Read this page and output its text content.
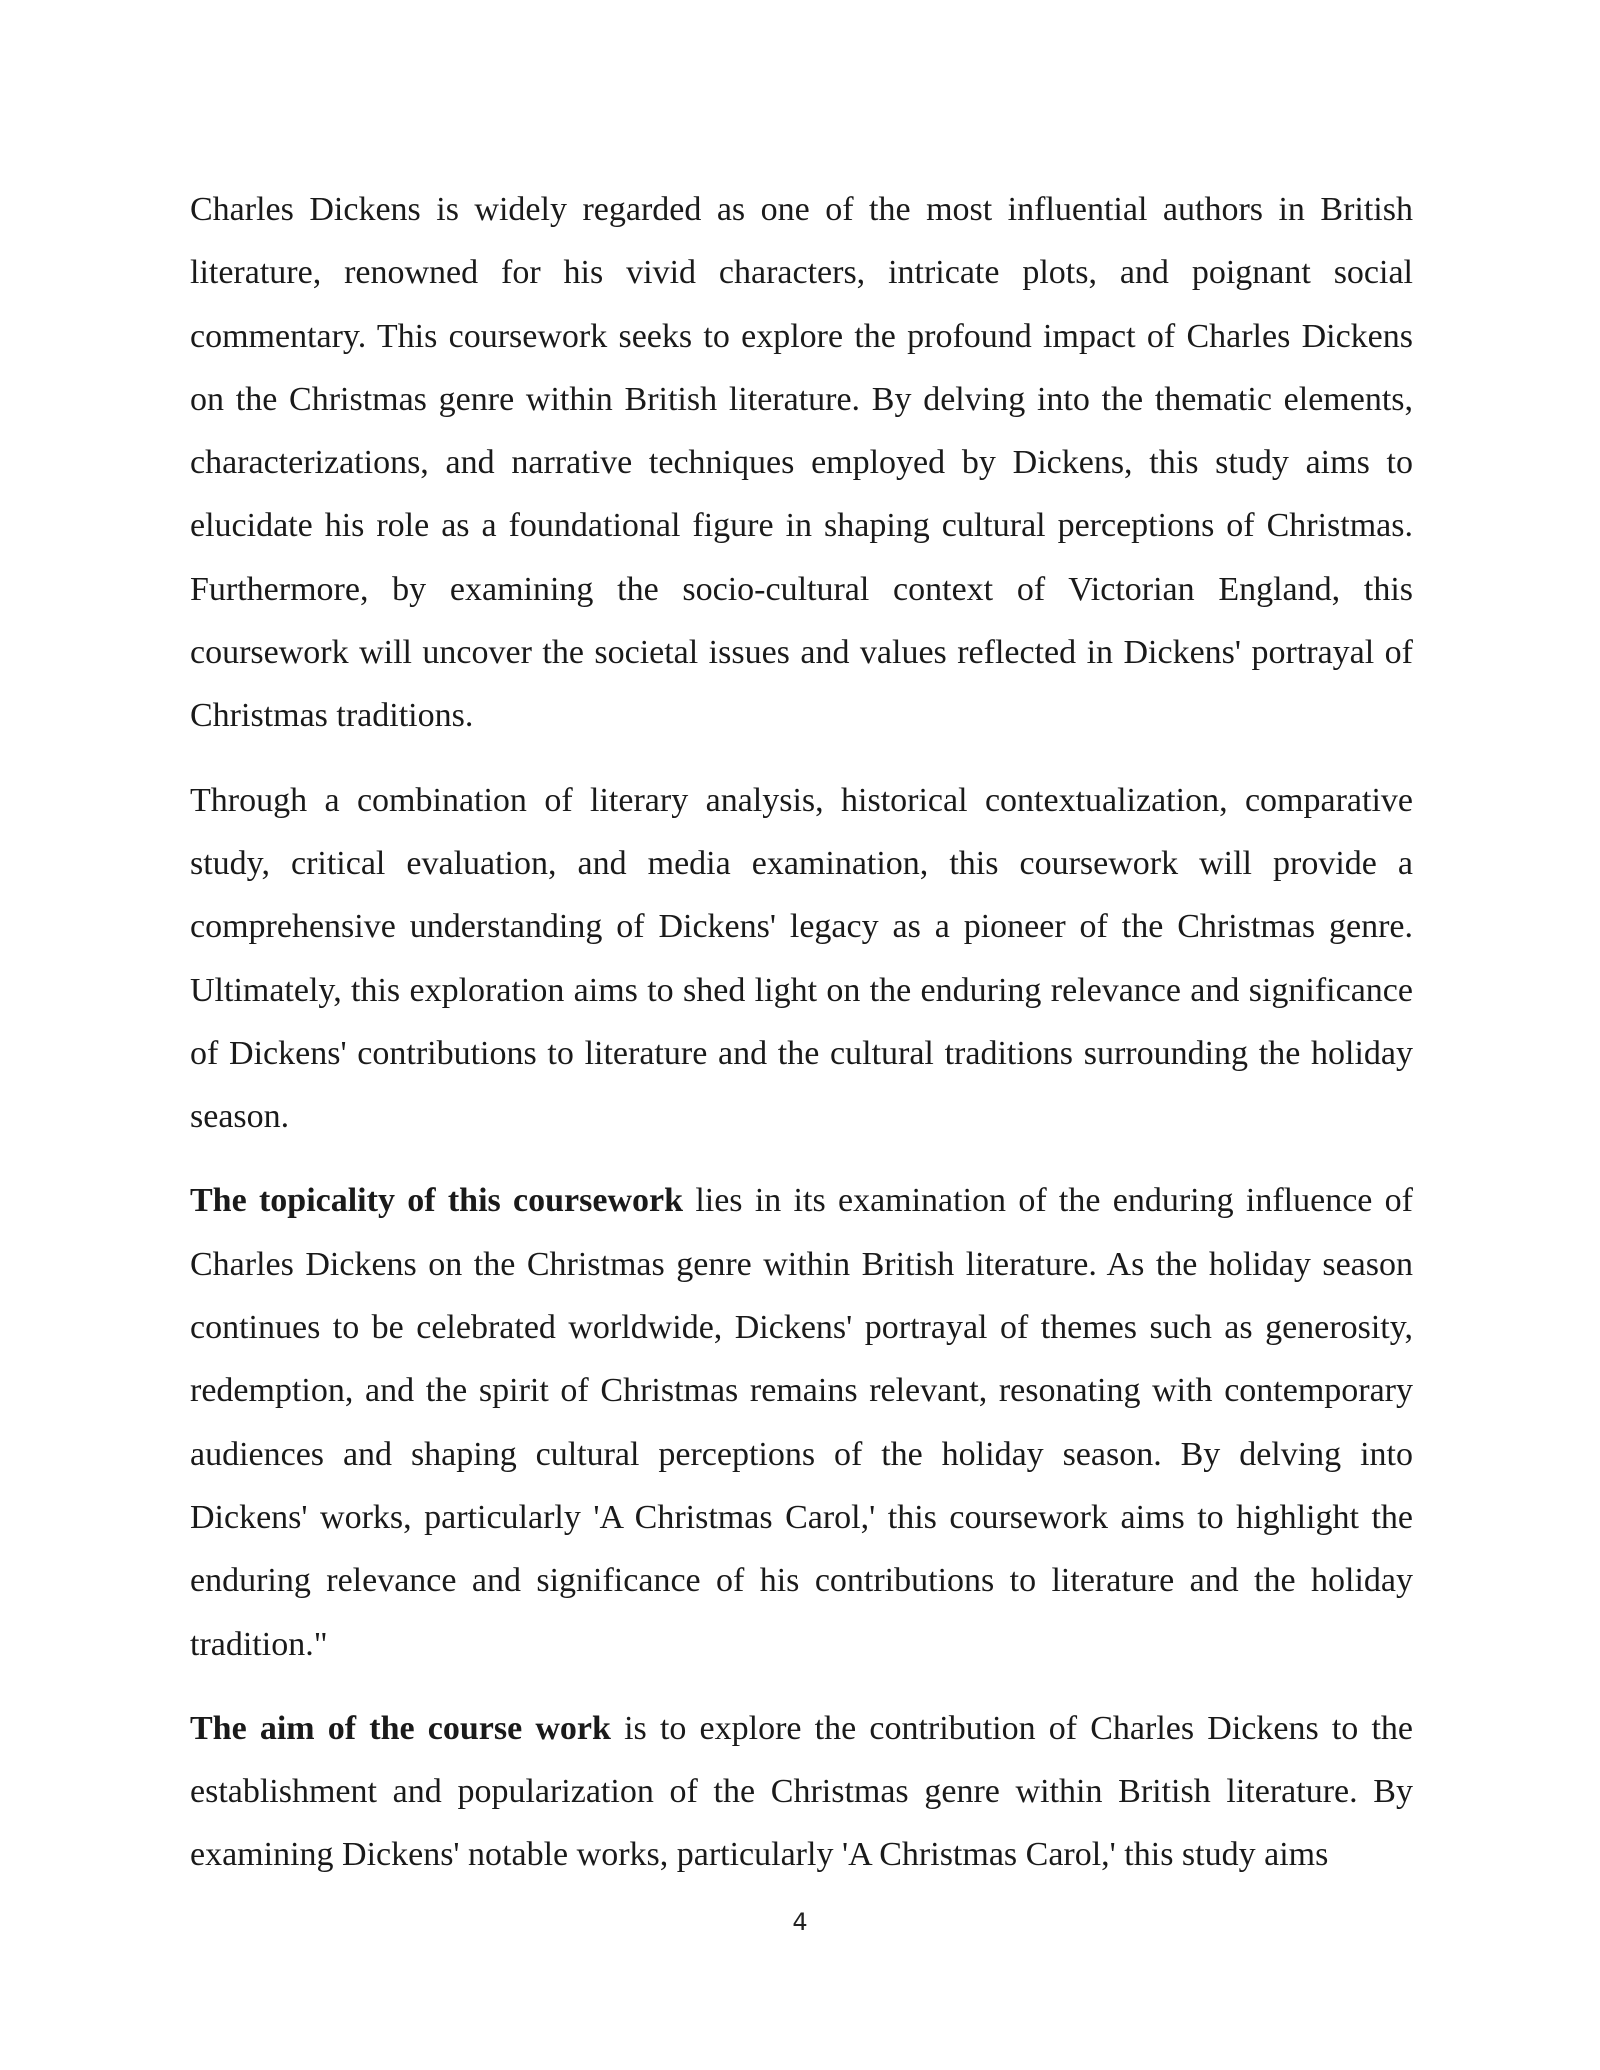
Charles Dickens is widely regarded as one of the most influential authors in British literature, renowned for his vivid characters, intricate plots, and poignant social commentary. This coursework seeks to explore the profound impact of Charles Dickens on the Christmas genre within British literature. By delving into the thematic elements, characterizations, and narrative techniques employed by Dickens, this study aims to elucidate his role as a foundational figure in shaping cultural perceptions of Christmas. Furthermore, by examining the socio-cultural context of Victorian England, this coursework will uncover the societal issues and values reflected in Dickens' portrayal of Christmas traditions.

Through a combination of literary analysis, historical contextualization, comparative study, critical evaluation, and media examination, this coursework will provide a comprehensive understanding of Dickens' legacy as a pioneer of the Christmas genre. Ultimately, this exploration aims to shed light on the enduring relevance and significance of Dickens' contributions to literature and the cultural traditions surrounding the holiday season.

The topicality of this coursework lies in its examination of the enduring influence of Charles Dickens on the Christmas genre within British literature. As the holiday season continues to be celebrated worldwide, Dickens' portrayal of themes such as generosity, redemption, and the spirit of Christmas remains relevant, resonating with contemporary audiences and shaping cultural perceptions of the holiday season. By delving into Dickens' works, particularly 'A Christmas Carol,' this coursework aims to highlight the enduring relevance and significance of his contributions to literature and the holiday tradition."

The aim of the course work is to explore the contribution of Charles Dickens to the establishment and popularization of the Christmas genre within British literature. By examining Dickens' notable works, particularly 'A Christmas Carol,' this study aims

4
